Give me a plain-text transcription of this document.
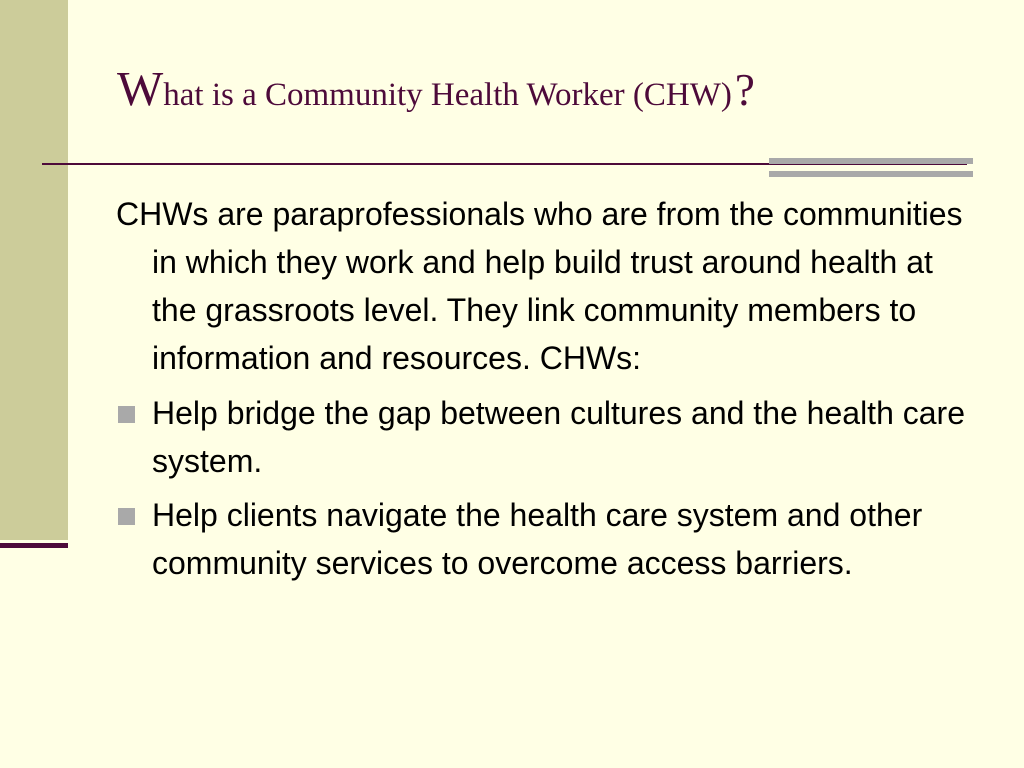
What is a Community Health Worker (CHW)?

CHWs are paraprofessionals who are from the communities in which they work and help build trust around health at the grassroots level. They link community members to information and resources. CHWs:

Help bridge the gap between cultures and the health care system.
Help clients navigate the health care system and other community services to overcome access barriers.
